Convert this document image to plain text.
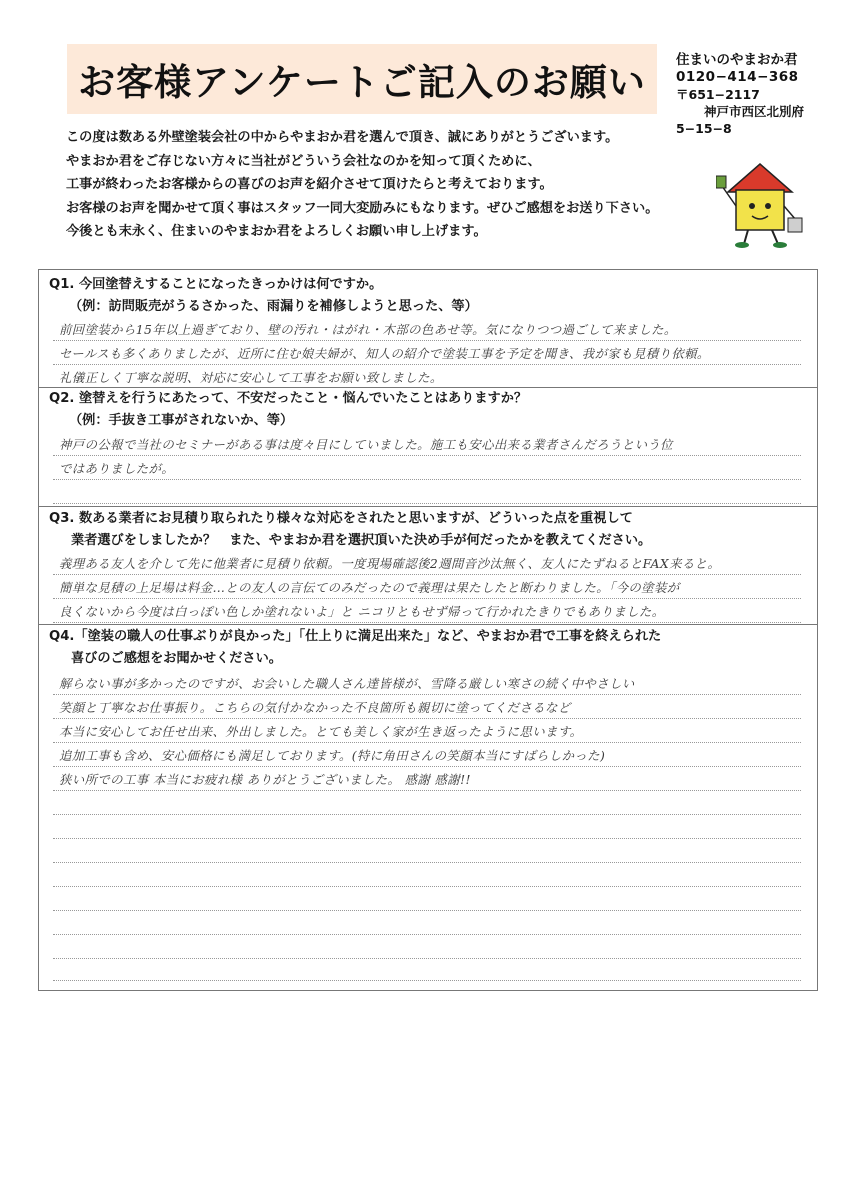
お客様アンケートご記入のお願い
住まいのやまおか君
0120−414−368
〒651−2117
神戸市西区北別府
5−15−8

この度は数ある外壁塗装会社の中からやまおか君を選んで頂き、誠にありがとうございます。

やまおか君をご存じない方々に当社がどういう会社なのかを知って頂くために、

工事が終わったお客様からの喜びのお声を紹介させて頂けたらと考えております。

お客様のお声を聞かせて頂く事はスタッフ一同大変励みにもなります。ぜひご感想をお送り下さい。

今後とも末永く、住まいのやまおか君をよろしくお願い申し上げます。

Q1. 今回塗替えすることになったきっかけは何ですか。

（例：訪問販売がうるさかった、雨漏りを補修しようと思った、等）

前回塗装から15年以上過ぎており、壁の汚れ・はがれ・木部の色あせ等。気になりつつ過ごして来ました。
セールスも多くありましたが、近所に住む娘夫婦が、知人の紹介で塗装工事を予定を聞き、我が家も見積り依頼。
礼儀正しく丁寧な説明、対応に安心して工事をお願い致しました。

Q2. 塗替えを行うにあたって、不安だったこと・悩んでいたことはありますか？

（例：手抜き工事がされないか、等）

神戸の公報で当社のセミナーがある事は度々目にしていました。施工も安心出来る業者さんだろうという位
ではありましたが。

Q3. 数ある業者にお見積り取られたり様々な対応をされたと思いますが、どういった点を重視して

業者選びをしましたか？　また、やまおか君を選択頂いた決め手が何だったかを教えてください。

義理ある友人を介して先に他業者に見積り依頼。一度現場確認後2週間音沙汰無く、友人にたずねるとFAX来ると。
簡単な見積の上足場は料金…との友人の言伝てのみだったので義理は果たしたと断わりました。「今の塗装が
良くないから今度は白っぽい色しか塗れないよ」と ニコリともせず帰って行かれたきりでもありました。

Q4.「塗装の職人の仕事ぶりが良かった」「仕上りに満足出来た」など、やまおか君で工事を終えられた

喜びのご感想をお聞かせください。

解らない事が多かったのですが、お会いした職人さん達皆様が、雪降る厳しい寒さの続く中やさしい
笑顔と丁寧なお仕事振り。こちらの気付かなかった不良箇所も親切に塗ってくださるなど
本当に安心してお任せ出来、外出しました。とても美しく家が生き返ったように思います。
追加工事も含め、安心価格にも満足しております。(特に角田さんの笑顔本当にすばらしかった)
狭い所での工事 本当にお疲れ様 ありがとうございました。 感謝 感謝!!
